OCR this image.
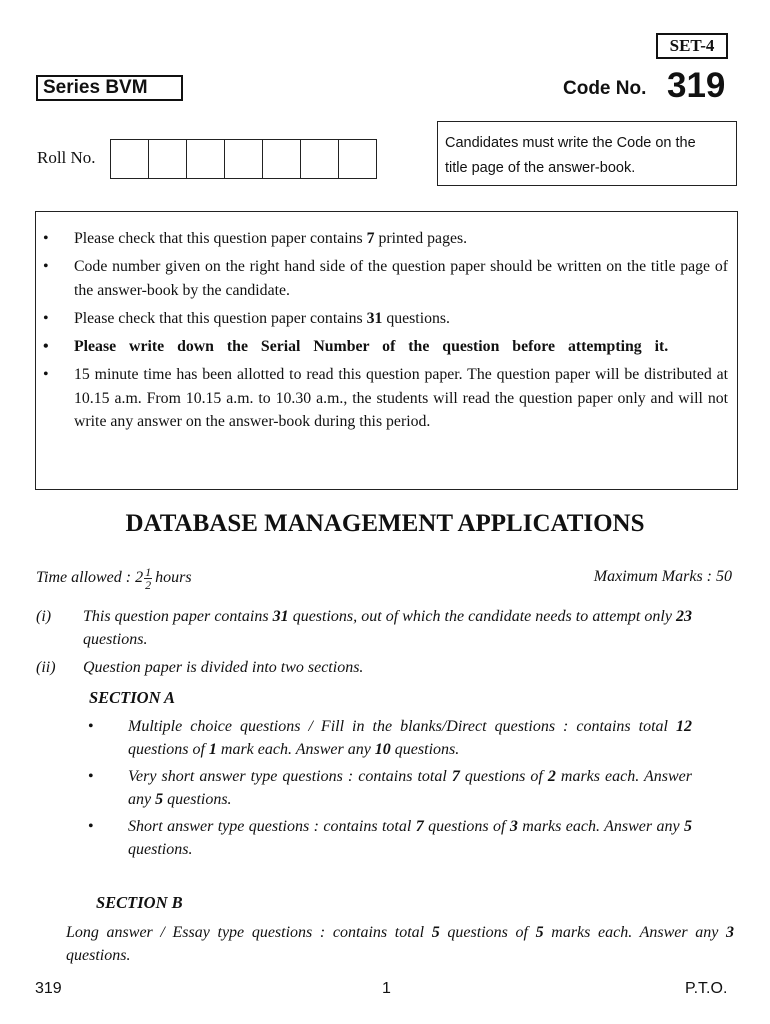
SET-4
Series BVM	Code No. 319
Roll No.
Candidates must write the Code on the
title page of the answer-book.
• Please check that this question paper contains 7 printed pages.
• Code number given on the right hand side of the question paper should be written on the title page of the answer-book by the candidate.
• Please check that this question paper contains 31 questions.
• Please write down the Serial Number of the question before attempting it.
• 15 minute time has been allotted to read this question paper. The question paper will be distributed at 10.15 a.m. From 10.15 a.m. to 10.30 a.m., the students will read the question paper only and will not write any answer on the answer-book during this period.
DATABASE MANAGEMENT APPLICATIONS
Time allowed : $2 \frac{1}{2}$ hours	Maximum Marks : 50
(i) This question paper contains 31 questions, out of which the candidate needs to attempt only 23 questions.
(ii) Question paper is divided into two sections.
SECTION A
• Multiple choice questions / Fill in the blanks/Direct questions : contains total 12 questions of 1 mark each. Answer any 10 questions.
• Very short answer type questions : contains total 7 questions of 2 marks each. Answer any 5 questions.
• Short answer type questions : contains total 7 questions of 3 marks each. Answer any 5 questions.
SECTION B
Long answer / Essay type questions : contains total 5 questions of 5 marks each. Answer any 3 questions.
319	1	P.T.O.
